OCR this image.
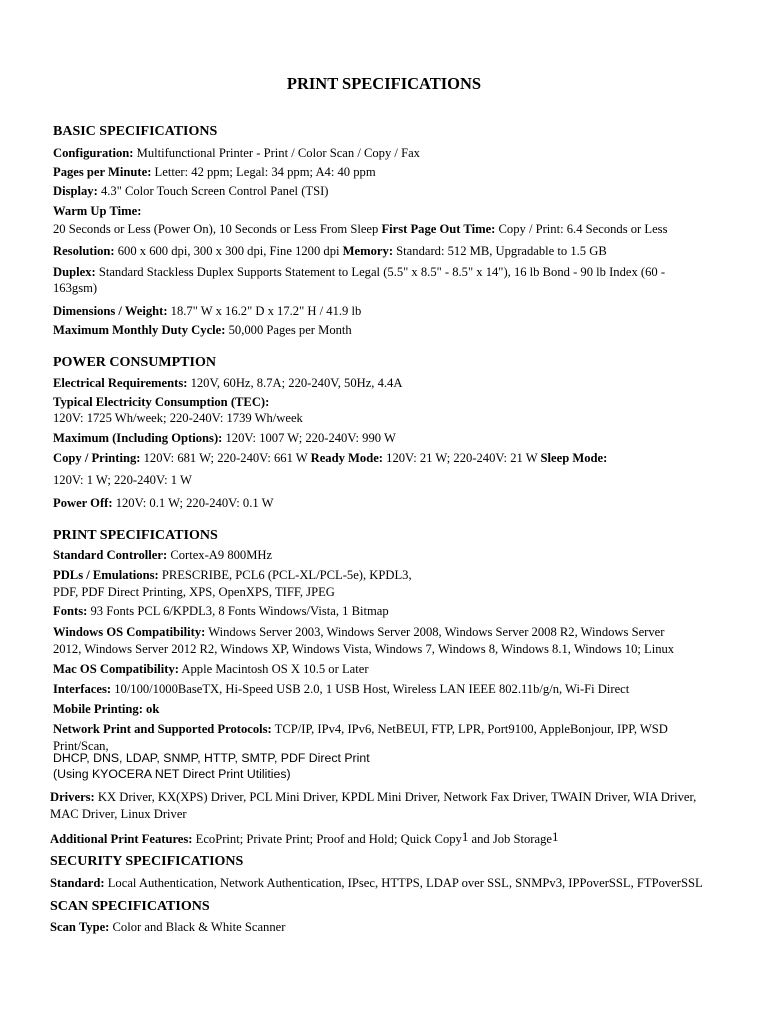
PRINT SPECIFICATIONS
BASIC SPECIFICATIONS
Configuration: Multifunctional Printer - Print / Color Scan / Copy / Fax
Pages per Minute: Letter: 42 ppm; Legal: 34 ppm; A4: 40 ppm
Display: 4.3" Color Touch Screen Control Panel (TSI)
Warm Up Time:
20 Seconds or Less (Power On), 10 Seconds or Less From Sleep First Page Out Time: Copy / Print: 6.4 Seconds or Less
Resolution: 600 x 600 dpi, 300 x 300 dpi, Fine 1200 dpi Memory: Standard: 512 MB, Upgradable to 1.5 GB
Duplex: Standard Stackless Duplex Supports Statement to Legal (5.5" x 8.5" - 8.5" x 14"), 16 lb Bond - 90 lb Index (60 -
163gsm)
Dimensions / Weight: 18.7" W x 16.2" D x 17.2" H / 41.9 lb
Maximum Monthly Duty Cycle: 50,000 Pages per Month
POWER CONSUMPTION
Electrical Requirements: 120V, 60Hz, 8.7A; 220-240V, 50Hz, 4.4A
Typical Electricity Consumption (TEC):
120V: 1725 Wh/week; 220-240V: 1739 Wh/week
Maximum (Including Options): 120V: 1007 W; 220-240V: 990 W
Copy / Printing: 120V: 681 W; 220-240V: 661 W Ready Mode: 120V: 21 W; 220-240V: 21 W Sleep Mode:
120V: 1 W; 220-240V: 1 W
Power Off: 120V: 0.1 W; 220-240V: 0.1 W
PRINT SPECIFICATIONS
Standard Controller: Cortex-A9 800MHz
PDLs / Emulations: PRESCRIBE, PCL6 (PCL-XL/PCL-5e), KPDL3,
PDF, PDF Direct Printing, XPS, OpenXPS, TIFF, JPEG
Fonts: 93 Fonts PCL 6/KPDL3, 8 Fonts Windows/Vista, 1 Bitmap
Windows OS Compatibility: Windows Server 2003, Windows Server 2008, Windows Server 2008 R2, Windows Server
2012, Windows Server 2012 R2, Windows XP, Windows Vista, Windows 7, Windows 8, Windows 8.1, Windows 10; Linux
Mac OS Compatibility: Apple Macintosh OS X 10.5 or Later
Interfaces: 10/100/1000BaseTX, Hi-Speed USB 2.0, 1 USB Host, Wireless LAN IEEE 802.11b/g/n, Wi-Fi Direct
Mobile Printing: ok
Network Print and Supported Protocols: TCP/IP, IPv4, IPv6, NetBEUI, FTP, LPR, Port9100, AppleBonjour, IPP, WSD
Print/Scan,
DHCP, DNS, LDAP, SNMP, HTTP, SMTP, PDF Direct Print
(Using KYOCERA NET Direct Print Utilities)
Drivers: KX Driver, KX(XPS) Driver, PCL Mini Driver, KPDL Mini Driver, Network Fax Driver, TWAIN Driver, WIA Driver,
MAC Driver, Linux Driver
Additional Print Features: EcoPrint; Private Print; Proof and Hold; Quick Copy$^1$ and Job Storage$^1$
SECURITY SPECIFICATIONS
Standard: Local Authentication, Network Authentication, IPsec, HTTPS, LDAP over SSL, SNMPv3, IPPoverSSL, FTPoverSSL
SCAN SPECIFICATIONS
Scan Type: Color and Black & White Scanner
